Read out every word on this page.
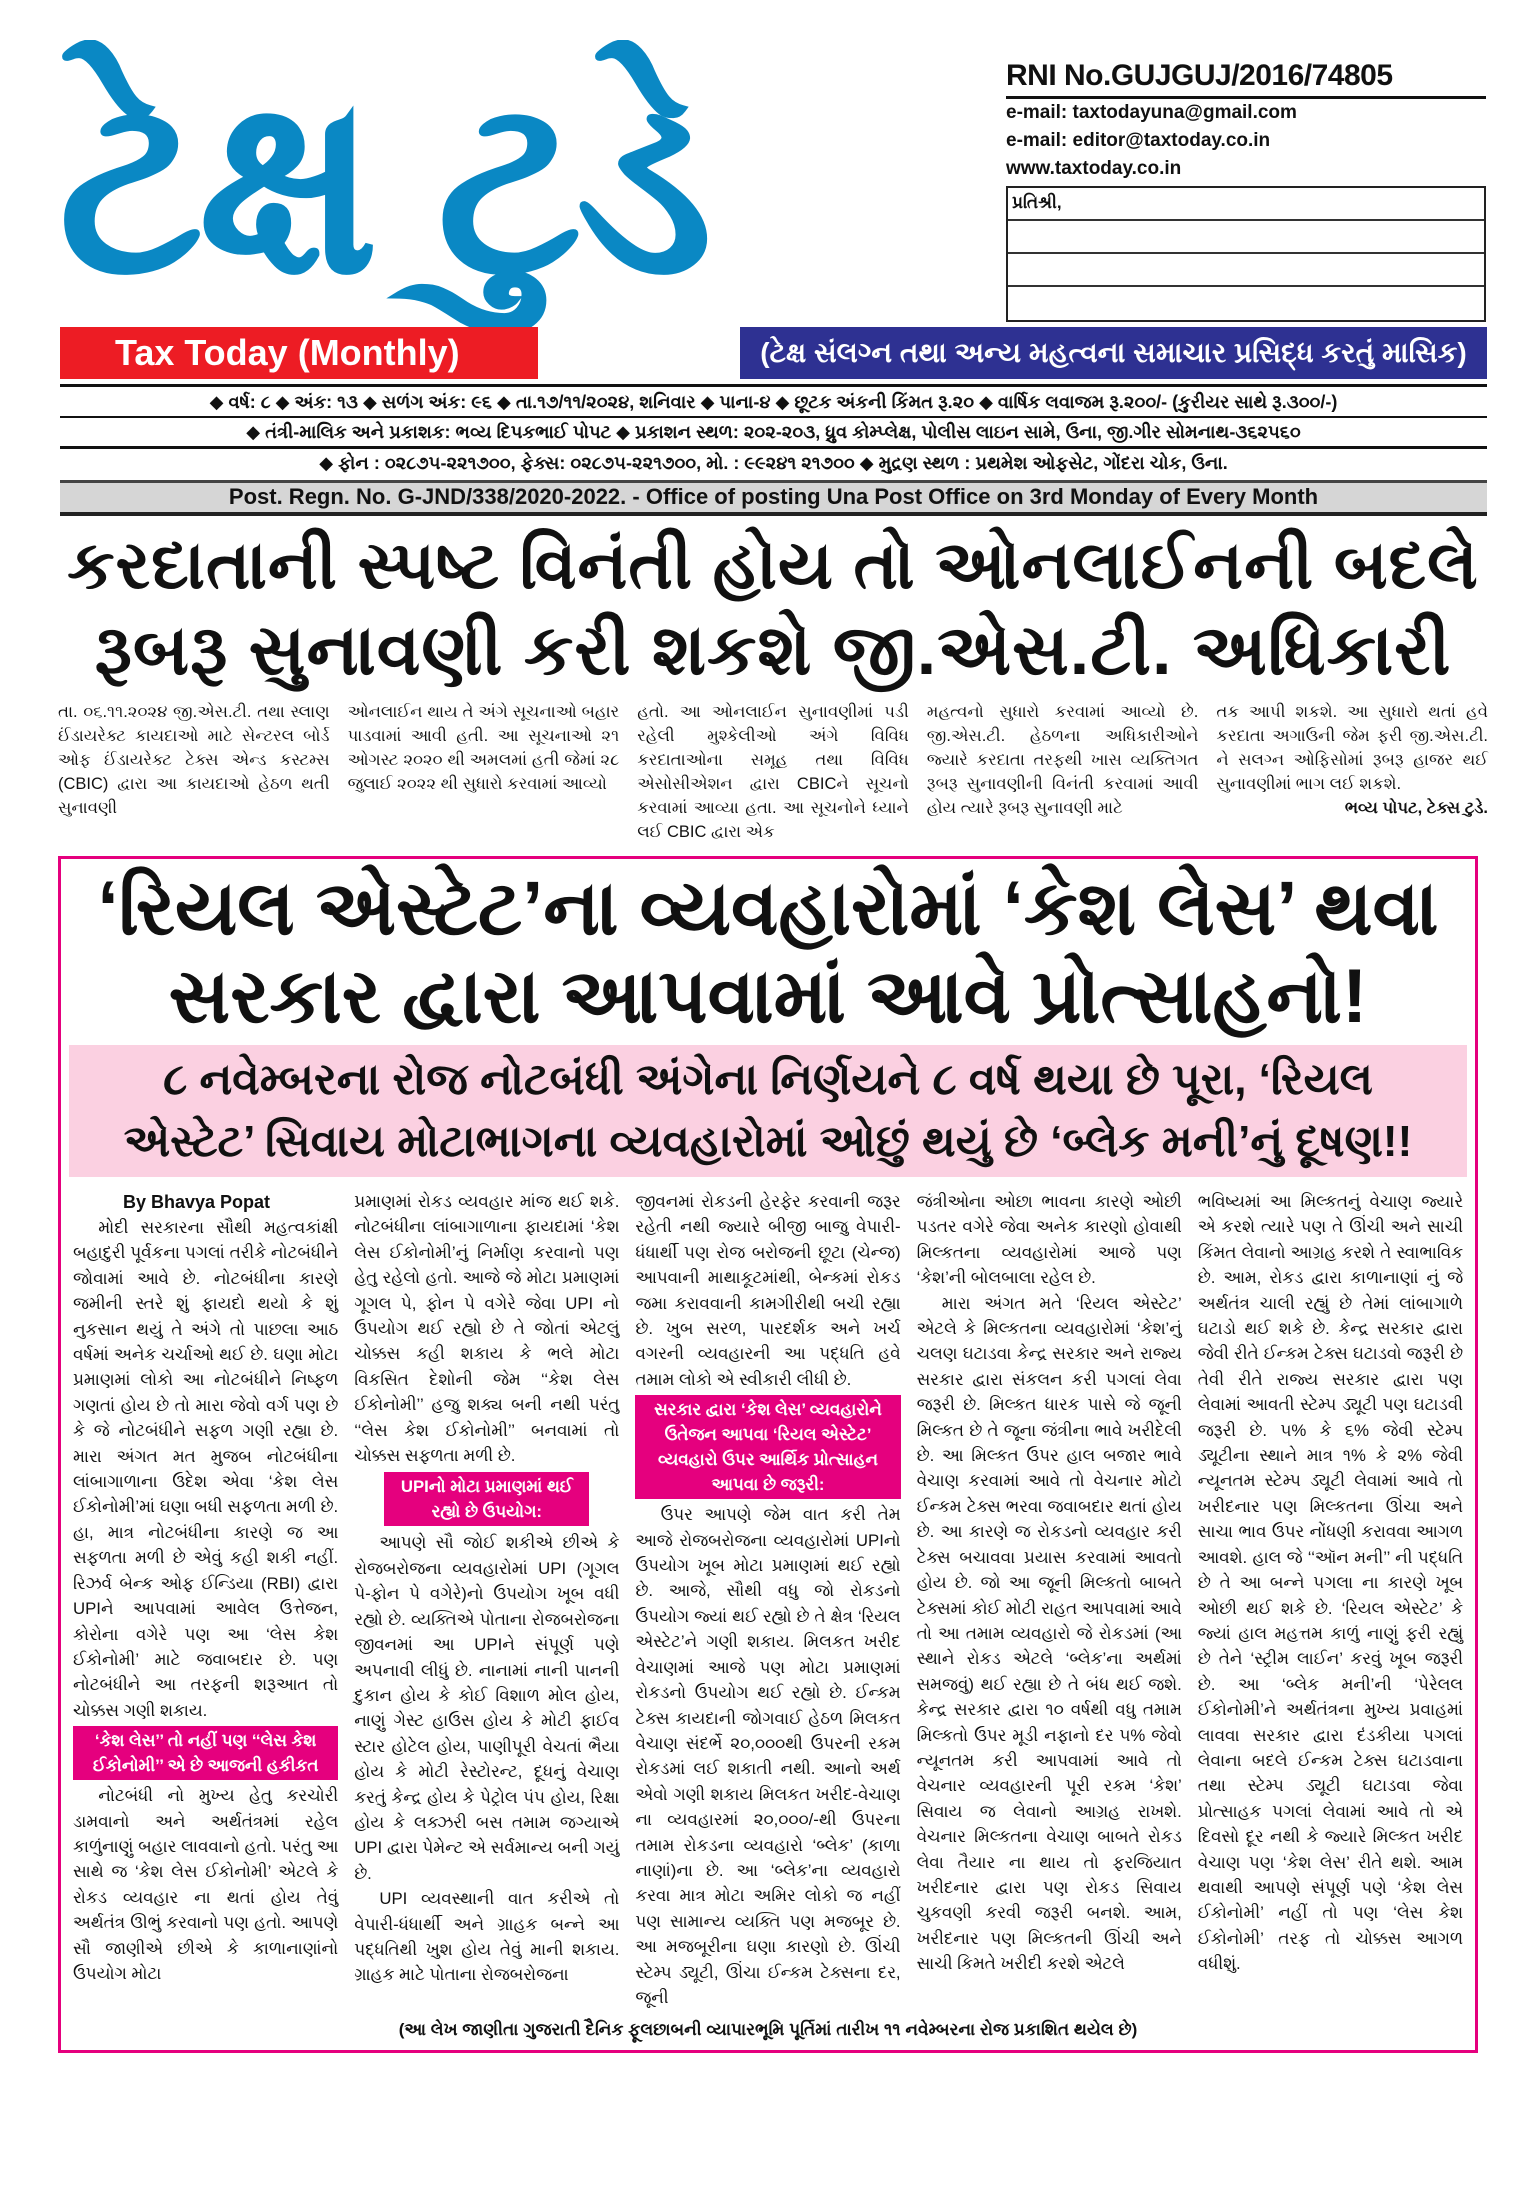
ટેક્ષ ટુડે	RNI No.GUJGUJ/2016/74805
e-mail: taxtodayuna@gmail.com
e-mail: editor@taxtoday.co.in
www.taxtoday.co.in
પ્રતિશ્રી,
Tax Today (Monthly)	(ટેક્ષ સંલગ્ન તથા અન્ય મહત્વના સમાચાર પ્રસિદ્ધ કરતું માસિક)
◆ વર્ષ: ૮ ◆ અંક: ૧૩ ◆ સળંગ અંક: ૯૬ ◆ તા.૧૭/૧૧/૨૦૨૪, શનિવાર ◆ પાના-૪ ◆ છૂટક અંકની કિંમત રૂ.૨૦ ◆ વાર્ષિક લવાજમ રૂ.૨૦૦/- (કુરીયર સાથે રૂ.૩૦૦/-)
◆ તંત્રી-માલિક અને પ્રકાશક: ભવ્ય દિપકભાઈ પોપટ ◆ પ્રકાશન સ્થળ: ૨૦૨-૨૦૩, ધ્રુવ કોમ્પ્લેક્ષ, પોલીસ લાઇન સામે, ઉના, જી.ગીર સોમનાથ-૩૬૨૫૬૦
◆ ફોન : ૦૨૮૭૫-૨૨૧૭૦૦, ફેક્સ: ૦૨૮૭૫-૨૨૧૭૦૦, મો. : ૯૯૨૪૧ ૨૧૭૦૦ ◆ મુદ્રણ સ્થળ : પ્રથમેશ ઓફસેટ, ગોંદરા ચોક, ઉના.
Post. Regn. No. G-JND/338/2020-2022. - Office of posting Una Post Office on 3rd Monday of Every Month
કરદાતાની સ્પષ્ટ વિનંતી હોય તો ઓનલાઈનની બદલે
રૂબરૂ સુનાવણી કરી શકશે જી.એસ.ટી. અધિકારી
તા. ૦૬.૧૧.૨૦૨૪ જી.એસ.ટી. તથા સ્લાણ ઈંડાયરેક્ટ કાયદાઓ માટે સેન્ટરલ બોર્ડ ઓફ ઈંડાયરેક્ટ ટેક્સ એન્ડ કસ્ટમ્સ (CBIC) દ્વારા આ કાયદાઓ હેઠળ થતી સુનાવણી
ઓનલાઈન થાય તે અંગે સૂચનાઓ બહાર પાડવામાં આવી હતી. આ સૂચનાઓ ૨૧ ઓગસ્ટ ૨૦૨૦ થી અમલમાં હતી જેમાં ૨૮ જુલાઈ ૨૦૨૨ થી સુધારો કરવામાં આવ્યો
હતો. આ ઓનલાઈન સુનાવણીમાં પડી રહેલી મુશ્કેલીઓ અંગે વિવિધ કરદાતાઓના સમૂહ તથા વિવિધ એસોસીએશન દ્વારા CBICને સૂચનો કરવામાં આવ્યા હતા. આ સૂચનોને ધ્યાને લઈ CBIC દ્વારા એક
મહત્વનો સુધારો કરવામાં આવ્યો છે. જી.એસ.ટી. હેઠળના અધિકારીઓને જ્યારે કરદાતા તરફથી ખાસ વ્યક્તિગત રૂબરૂ સુનાવણીની વિનંતી કરવામાં આવી હોય ત્યારે રૂબરૂ સુનાવણી માટે
તક આપી શકશે. આ સુધારો થતાં હવે કરદાતા અગાઉની જેમ ફરી જી.એસ.ટી. ને સલગ્ન ઓફિસોમાં રૂબરૂ હાજર થઈ સુનાવણીમાં ભાગ લઈ શકશે.
ભવ્ય પોપટ, ટેક્સ ટુડે.
‘રિયલ એસ્ટેટ’ના વ્યવહારોમાં ‘કેશ લેસ’ થવા
સરકાર દ્વારા આપવામાં આવે પ્રોત્સાહનો!
૮ નવેમ્બરના રોજ નોટબંધી અંગેના નિર્ણયને ૮ વર્ષ થયા છે પૂરા, ‘રિયલ
એસ્ટેટ’ સિવાય મોટાભાગના વ્યવહારોમાં ઓછું થયું છે ‘બ્લેક મની’નું દૂષણ!!
By Bhavya Popat

મોદી સરકારના સૌથી મહત્વકાંક્ષી બહાદુરી પૂર્વકના પગલાં તરીકે નોટબંધીને જોવામાં આવે છે. નોટબંધીના કારણે જમીની સ્તરે શું ફાયદો થયો કે શું નુકસાન થયું તે અંગે તો પાછલા આઠ વર્ષમાં અનેક ચર્ચાઓ થઈ છે. ઘણા મોટા પ્રમાણમાં લોકો આ નોટબંધીને નિષ્ફળ ગણતાં હોય છે તો મારા જેવો વર્ગ પણ છે કે જે નોટબંધીને સફળ ગણી રહ્યા છે. મારા અંગત મત મુજબ નોટબંધીના લાંબાગાળાના ઉદેશ એવા ‘કેશ લેસ ઈકોનોમી’માં ઘણા બધી સફળતા મળી છે. હા, માત્ર નોટબંધીના કારણે જ આ સફળતા મળી છે એવું કહી શકી નહીં. રિઝર્વ બેન્ક ઓફ ઈન્ડિયા (RBI) દ્વારા UPIને આપવામાં આવેલ ઉત્તેજન, કોરોના વગેરે પણ આ ‘લેસ કેશ ઈકોનોમી’ માટે જવાબદાર છે. પણ નોટબંધીને આ તરફની શરૂઆત તો ચોક્કસ ગણી શકાય.

‘કેશ લેસ’’ તો નહીં પણ ‘‘લેસ કેશ ઈકોનોમી’’ એ છે આજની હકીકત

નોટબંધી નો મુખ્ય હેતુ કરચોરી ડામવાનો અને અર્થતંત્રમાં રહેલ કાળુંનાણું બહાર લાવવાનો હતો. પરંતુ આ સાથે જ ‘કેશ લેસ ઈકોનોમી’ એટલે કે રોકડ વ્યવહાર ના થતાં હોય તેવું અર્થતંત્ર ઊભું કરવાનો પણ હતો. આપણે સૌ જાણીએ છીએ કે કાળાનાણાંનો ઉપયોગ મોટા

પ્રમાણમાં રોકડ વ્યવહાર માંજ થઈ શકે. નોટબંધીના લાંબાગાળાના ફાયદામાં ‘કેશ લેસ ઈકોનોમી’નું નિર્માણ કરવાનો પણ હેતુ રહેલો હતો. આજે જે મોટા પ્રમાણમાં ગૂગલ પે, ફોન પે વગેરે જેવા UPI નો ઉપયોગ થઈ રહ્યો છે તે જોતાં એટલું ચોક્કસ કહી શકાય કે ભલે મોટા વિકસિત દેશોની જેમ ‘‘કેશ લેસ ઈકોનોમી’’ હજુ શક્ય બની નથી પરંતુ ‘‘લેસ કેશ ઈકોનોમી’’ બનવામાં તો ચોક્કસ સફળતા મળી છે.

UPIનો મોટા પ્રમાણમાં થઈ રહ્યો છે ઉપયોગ:

આપણે સૌ જોઈ શકીએ છીએ કે રોજબરોજના વ્યવહારોમાં UPI (ગૂગલ પે-ફોન પે વગેરે)નો ઉપયોગ ખૂબ વધી રહ્યો છે. વ્યક્તિએ પોતાના રોજબરોજના જીવનમાં આ UPIને સંપૂર્ણ પણે અપનાવી લીધું છે. નાનામાં નાની પાનની દુકાન હોય કે કોઈ વિશાળ મોલ હોય, નાણું ગેસ્ટ હાઉસ હોય કે મોટી ફાઈવ સ્ટાર હોટેલ હોય, પાણીપૂરી વેચતાં ભૈયા હોય કે મોટી રેસ્ટોરન્ટ, દૂધનું વેચાણ કરતું કેન્દ્ર હોય કે પેટ્રોલ પંપ હોય, રિક્ષા હોય કે લક્ઝરી બસ તમામ જગ્યાએ UPI દ્વારા પેમેન્ટ એ સર્વમાન્ય બની ગયું છે.

UPI વ્યવસ્થાની વાત કરીએ તો વેપારી-ધંધાર્થી અને ગ્રાહક બન્ને આ પદ્ધતિથી ખુશ હોય તેવું માની શકાય. ગ્રાહક માટે પોતાના રોજબરોજના

જીવનમાં રોકડની હેરફેર કરવાની જરૂર રહેતી નથી જ્યારે બીજી બાજુ વેપારી-ધંધાર્થી પણ રોજ બરોજની છૂટા (ચેન્જ) આપવાની માથાકૂટમાંથી, બેન્કમાં રોકડ જમા કરાવવાની કામગીરીથી બચી રહ્યા છે. ખુબ સરળ, પારદર્શક અને ખર્ચ વગરની વ્યવહારની આ પદ્ધતિ હવે તમામ લોકો એ સ્વીકારી લીધી છે.

સરકાર દ્વારા ‘કેશ લેસ’ વ્યવહારોને ઉતેજન આપવા ‘રિયલ એસ્ટેટ’ વ્યવહારો ઉપર આર્થિક પ્રોત્સાહન આપવા છે જરૂરી:

ઉપર આપણે જેમ વાત કરી તેમ આજે રોજબરોજના વ્યવહારોમાં UPIનો ઉપયોગ ખૂબ મોટા પ્રમાણમાં થઈ રહ્યો છે. આજે, સૌથી વધુ જો રોકડનો ઉપયોગ જ્યાં થઈ રહ્યો છે તે ક્ષેત્ર ‘રિયલ એસ્ટેટ’ને ગણી શકાય. મિલકત ખરીદ વેચાણમાં આજે પણ મોટા પ્રમાણમાં રોકડનો ઉપયોગ થઈ રહ્યો છે. ઈન્કમ ટેક્સ કાયદાની જોગવાઈ હેઠળ મિલકત વેચાણ સંદર્ભે ૨૦,૦૦૦થી ઉપરની રકમ રોકડમાં લઈ શકાતી નથી. આનો અર્થ એવો ગણી શકાય મિલકત ખરીદ-વેચાણ ના વ્યવહારમાં ૨૦,૦૦૦/-થી ઉપરના તમામ રોકડના વ્યવહારો ‘બ્લેક’ (કાળા નાણાં)ના છે. આ ‘બ્લેક’ના વ્યવહારો કરવા માત્ર મોટા અમિર લોકો જ નહીં પણ સામાન્ય વ્યક્તિ પણ મજબૂર છે. આ મજબૂરીના ઘણા કારણો છે. ઊંચી સ્ટેમ્પ ડ્યૂટી, ઊંચા ઈન્કમ ટેક્સના દર, જૂની

જંત્રીઓના ઓછા ભાવના કારણે ઓછી પડતર વગેરે જેવા અનેક કારણો હોવાથી મિલ્કતના વ્યવહારોમાં આજે પણ ‘કેશ’ની બોલબાલા રહેલ છે.

મારા અંગત મતે ‘રિયલ એસ્ટેટ’ એટલે કે મિલ્કતના વ્યવહારોમાં ‘કેશ’નું ચલણ ઘટાડવા કેન્દ્ર સરકાર અને રાજ્ય સરકાર દ્વારા સંકલન કરી પગલાં લેવા જરૂરી છે. મિલ્કત ધારક પાસે જે જૂની મિલ્કત છે તે જૂના જંત્રીના ભાવે ખરીદેલી છે. આ મિલ્કત ઉપર હાલ બજાર ભાવે વેચાણ કરવામાં આવે તો વેચનાર મોટો ઈન્કમ ટેક્સ ભરવા જવાબદાર થતાં હોય છે. આ કારણે જ રોકડનો વ્યવહાર કરી ટેક્સ બચાવવા પ્રયાસ કરવામાં આવતો હોય છે. જો આ જૂની મિલ્કતો બાબતે ટેક્સમાં કોઈ મોટી રાહત આપવામાં આવે તો આ તમામ વ્યવહારો જે રોકડમાં (આ સ્થાને રોકડ એટલે ‘બ્લેક’ના અર્થમાં સમજવું) થઈ રહ્યા છે તે બંધ થઈ જશે. કેન્દ્ર સરકાર દ્વારા ૧૦ વર્ષથી વધુ તમામ મિલ્કતો ઉપર મૂડી નફાનો દર ૫% જેવો ન્યૂનતમ કરી આપવામાં આવે તો વેચનાર વ્યવહારની પૂરી રકમ ‘કેશ’ સિવાય જ લેવાનો આગ્રહ રાખશે. વેચનાર મિલ્કતના વેચાણ બાબતે રોકડ લેવા તૈયાર ના થાય તો ફરજિયાત ખરીદનાર દ્વારા પણ રોકડ સિવાય ચુકવણી કરવી જરૂરી બનશે. આમ, ખરીદનાર પણ મિલ્કતની ઊંચી અને સાચી કિમતે ખરીદી કરશે એટલે

ભવિષ્યમાં આ મિલ્કતનું વેચાણ જ્યારે એ કરશે ત્યારે પણ તે ઊંચી અને સાચી કિંમત લેવાનો આગ્રહ કરશે તે સ્વાભાવિક છે. આમ, રોકડ દ્વારા કાળાનાણાં નું જે અર્થતંત્ર ચાલી રહ્યું છે તેમાં લાંબાગાળે ઘટાડો થઈ શકે છે. કેન્દ્ર સરકાર દ્વારા જેવી રીતે ઈન્કમ ટેક્સ ઘટાડવો જરૂરી છે તેવી રીતે રાજ્ય સરકાર દ્વારા પણ લેવામાં આવતી સ્ટેમ્પ ડ્યૂટી પણ ઘટાડવી જરૂરી છે. ૫% કે ૬% જેવી સ્ટેમ્પ ડ્યૂટીના સ્થાને માત્ર ૧% કે ૨% જેવી ન્યૂનતમ સ્ટેમ્પ ડ્યૂટી લેવામાં આવે તો ખરીદનાર પણ મિલ્કતના ઊંચા અને સાચા ભાવ ઉપર નોંધણી કરાવવા આગળ આવશે. હાલ જે ‘‘ઑન મની’’ ની પદ્ધતિ છે તે આ બન્ને પગલા ના કારણે ખૂબ ઓછી થઈ શકે છે. ‘રિયલ એસ્ટેટ’ કે જ્યાં હાલ મહત્તમ કાળું નાણું ફરી રહ્યું છે તેને ‘સ્ટ્રીમ લાઈન’ કરવું ખૂબ જરૂરી છે. આ ‘બ્લેક મની’ની ‘પેરેલલ ઈકોનોમી’ને અર્થતંત્રના મુખ્ય પ્રવાહમાં લાવવા સરકાર દ્વારા દંડકીયા પગલાં લેવાના બદલે ઈન્કમ ટેક્સ ઘટાડવાના તથા સ્ટેમ્પ ડ્યૂટી ઘટાડવા જેવા પ્રોત્સાહક પગલાં લેવામાં આવે તો એ દિવસો દૂર નથી કે જ્યારે મિલ્કત ખરીદ વેચાણ પણ ‘કેશ લેસ’ રીતે થશે. આમ થવાથી આપણે સંપૂર્ણ પણે ‘કેશ લેસ ઈકોનોમી’ નહીં તો પણ ‘લેસ કેશ ઈકોનોમી’ તરફ તો ચોક્કસ આગળ વધીશું.

(આ લેખ જાણીતા ગુજરાતી દૈનિક ફૂલછાબની વ્યાપારભૂમિ પૂર્તિમાં તારીખ ૧૧ નવેમ્બરના રોજ પ્રકાશિત થયેલ છે)
